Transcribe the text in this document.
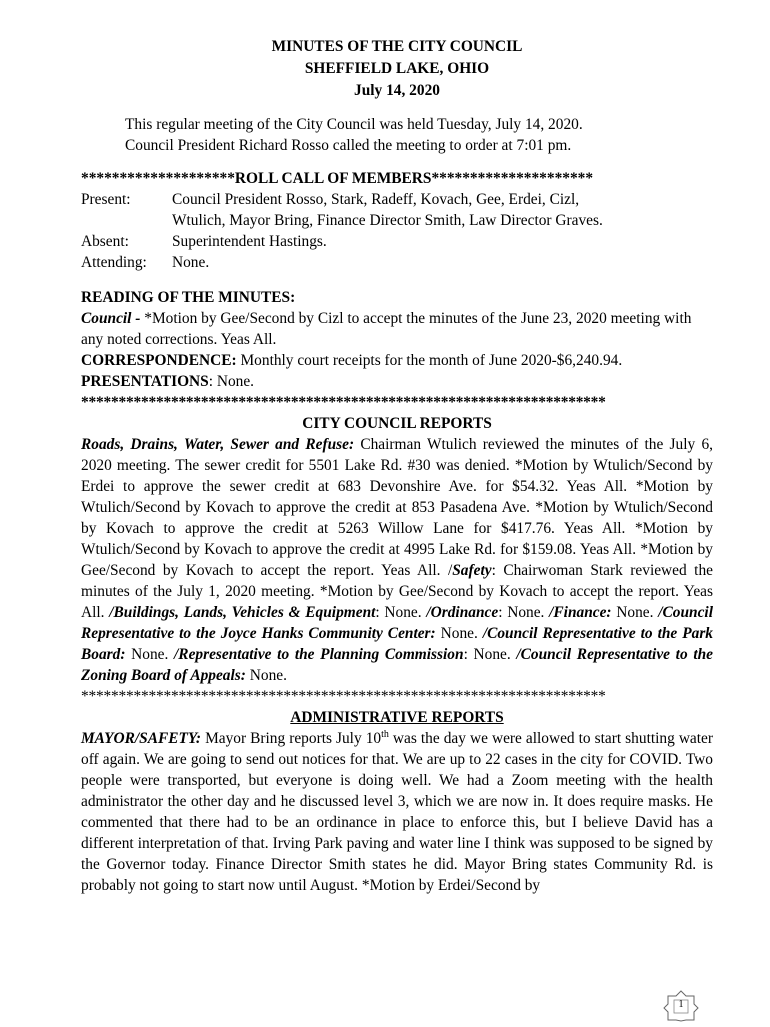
MINUTES OF THE CITY COUNCIL
SHEFFIELD LAKE, OHIO
July 14, 2020
This regular meeting of the City Council was held Tuesday, July 14, 2020.
Council President Richard Rosso called the meeting to order at 7:01 pm.
********************ROLL CALL OF MEMBERS*********************
Present:	Council President Rosso, Stark, Radeff, Kovach, Gee, Erdei, Cizl,
Wtulich, Mayor Bring, Finance Director Smith, Law Director Graves.

Absent:	Superintendent Hastings.
Attending:	None.
READING OF THE MINUTES:
Council - *Motion by Gee/Second by Cizl to accept the minutes of the June 23, 2020 meeting with any noted corrections. Yeas All.
CORRESPONDENCE: Monthly court receipts for the month of June 2020-$6,240.94.
PRESENTATIONS: None.
**********************************************************************
CITY COUNCIL REPORTS
Roads, Drains, Water, Sewer and Refuse: Chairman Wtulich reviewed the minutes of the July 6, 2020 meeting. The sewer credit for 5501 Lake Rd. #30 was denied. *Motion by Wtulich/Second by Erdei to approve the sewer credit at 683 Devonshire Ave. for $54.32. Yeas All. *Motion by Wtulich/Second by Kovach to approve the credit at 853 Pasadena Ave. *Motion by Wtulich/Second by Kovach to approve the credit at 5263 Willow Lane for $417.76. Yeas All. *Motion by Wtulich/Second by Kovach to approve the credit at 4995 Lake Rd. for $159.08. Yeas All. *Motion by Gee/Second by Kovach to accept the report. Yeas All. /Safety: Chairwoman Stark reviewed the minutes of the July 1, 2020 meeting. *Motion by Gee/Second by Kovach to accept the report. Yeas All. /Buildings, Lands, Vehicles & Equipment: None. /Ordinance: None. /Finance: None. /Council Representative to the Joyce Hanks Community Center: None. /Council Representative to the Park Board: None. /Representative to the Planning Commission: None. /Council Representative to the Zoning Board of Appeals: None.
**********************************************************************
ADMINISTRATIVE REPORTS
MAYOR/SAFETY: Mayor Bring reports July 10th was the day we were allowed to start shutting water off again. We are going to send out notices for that. We are up to 22 cases in the city for COVID. Two people were transported, but everyone is doing well. We had a Zoom meeting with the health administrator the other day and he discussed level 3, which we are now in. It does require masks. He commented that there had to be an ordinance in place to enforce this, but I believe David has a different interpretation of that. Irving Park paving and water line I think was supposed to be signed by the Governor today. Finance Director Smith states he did. Mayor Bring states Community Rd. is probably not going to start now until August. *Motion by Erdei/Second by
1
